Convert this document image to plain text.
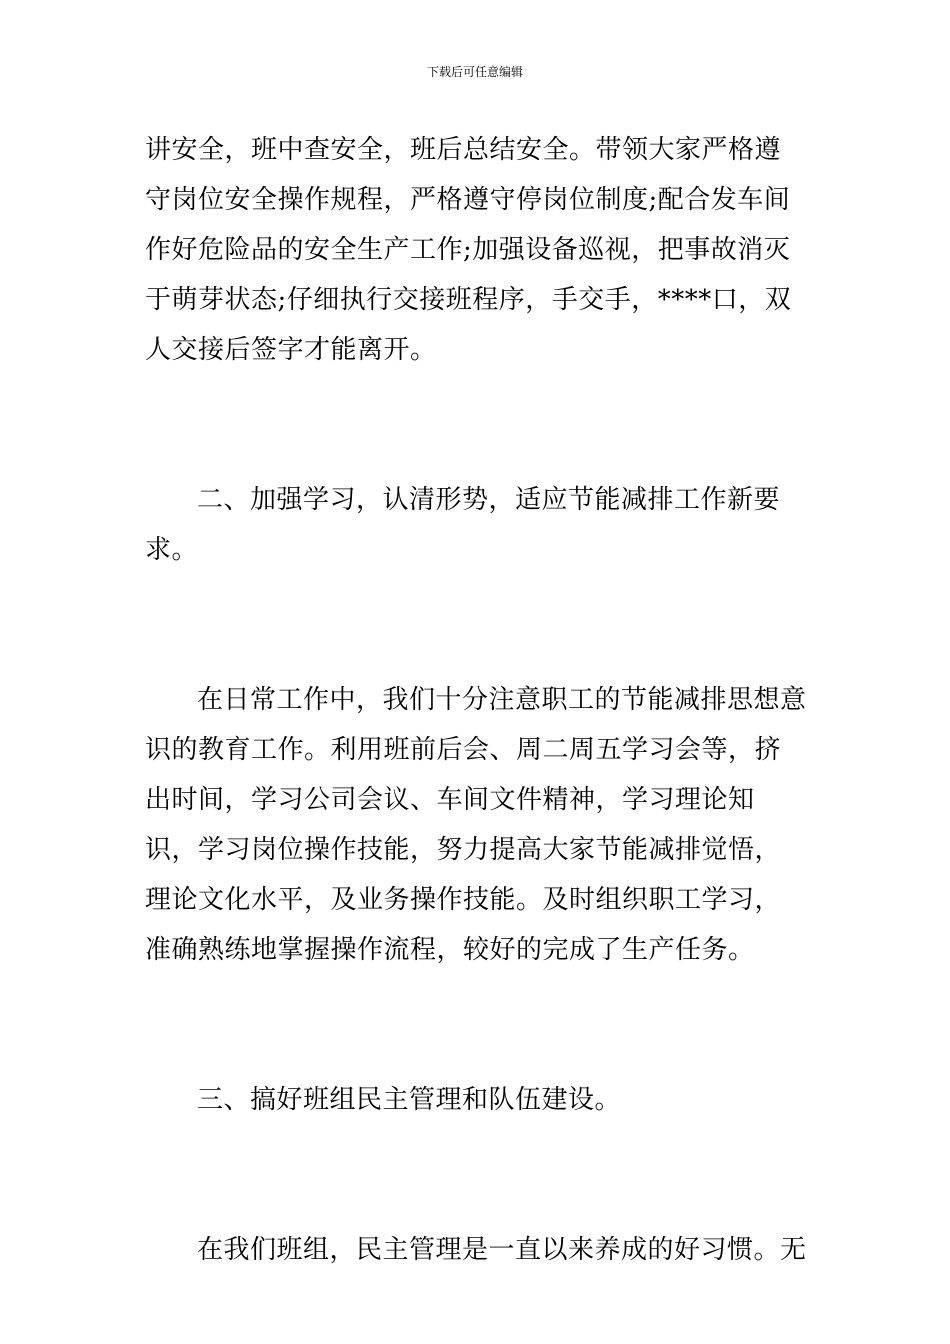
下载后可任意编辑

讲安全，班中查安全，班后总结安全。带领大家严格遵守岗位安全操作规程，严格遵守停岗位制度;配合发车间作好危险品的安全生产工作;加强设备巡视，把事故消灭于萌芽状态;仔细执行交接班程序，手交手，****口，双人交接后签字才能离开。

二、加强学习，认清形势，适应节能减排工作新要求。

在日常工作中，我们十分注意职工的节能减排思想意识的教育工作。利用班前后会、周二周五学习会等，挤出时间，学习公司会议、车间文件精神，学习理论知识，学习岗位操作技能，努力提高大家节能减排觉悟，理论文化水平，及业务操作技能。及时组织职工学习，准确熟练地掌握操作流程，较好的完成了生产任务。

三、搞好班组民主管理和队伍建设。

在我们班组，民主管理是一直以来养成的好习惯。无
